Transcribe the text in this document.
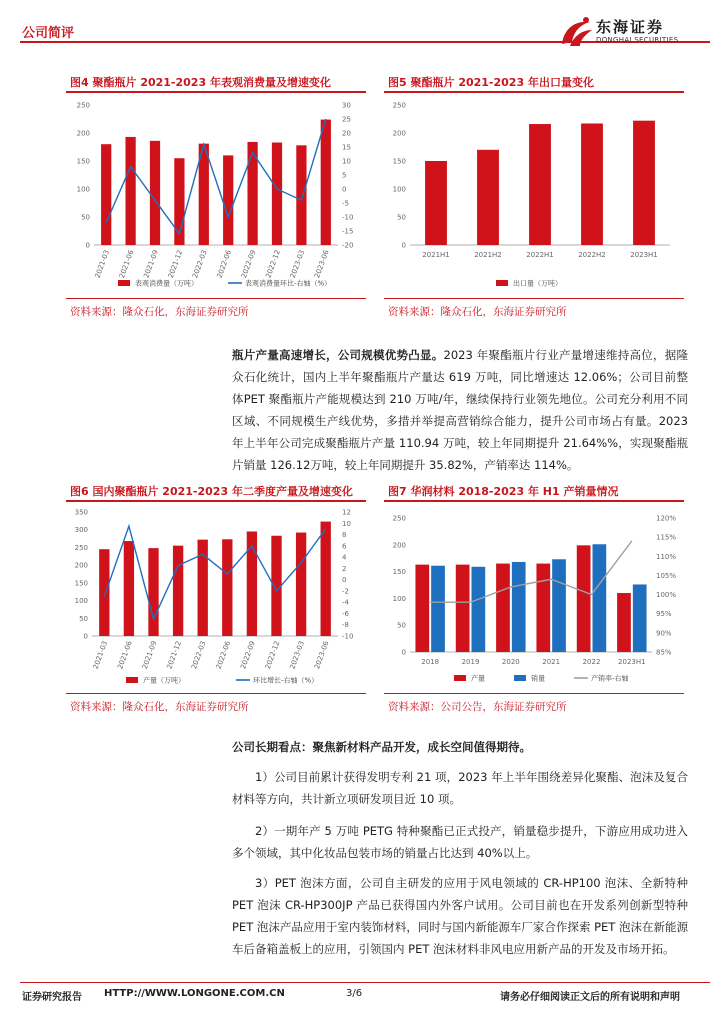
公司简评	东海证券
DONGHAI SECURITIES
图4 聚酯瓶片 2021-2023 年表观消费量及增速变化
0
50
100
150
200
250
-20
-15
-10
-5
0
5
10
15
20
25
30
2021-03 2021-06 2021-09 2021-12 2022-03 2022-06 2022-09 2022-12 2023-03 2023-06
表观消费量（万吨）	表观消费量环比-右轴（%）
资料来源：隆众石化，东海证券研究所
图5 聚酯瓶片 2021-2023 年出口量变化
0
50
100
150
200
250
2021H1	2021H2	2022H1	2022H2	2023H1
出口量（万吨）
资料来源：隆众石化，东海证券研究所
瓶片产量高速增长，公司规模优势凸显。2023 年聚酯瓶片行业产量增速维持高位，据隆众石化统计，国内上半年聚酯瓶片产量达 619 万吨，同比增速达 12.06%；公司目前整体PET 聚酯瓶片产能规模达到 210 万吨/年，继续保持行业领先地位。公司充分利用不同区域、不同规模生产线优势，多措并举提高营销综合能力，提升公司市场占有量。2023 年上半年公司完成聚酯瓶片产量 110.94 万吨，较上年同期提升 21.64%%，实现聚酯瓶片销量 126.12万吨，较上年同期提升 35.82%，产销率达 114%。
图6 国内聚酯瓶片 2021-2023 年二季度产量及增速变化
0
50
100
150
200
250
300
350
-10
-8
-6
-4
-2
0
2
4
6
8
10
12
2021-03 2021-06 2021-09 2021-12 2022-03 2022-06 2022-09 2022-12 2023-03 2023-06
产量（万吨）	环比增长-右轴（%）
资料来源：隆众石化，东海证券研究所
图7 华润材料 2018-2023 年 H1 产销量情况
0
50
100
150
200
250
85%
90%
95%
100%
105%
110%
115%
120%
2018	2019	2020	2021	2022	2023H1
产量	销量	产销率-右轴
资料来源：公司公告，东海证券研究所
公司长期看点：聚焦新材料产品开发，成长空间值得期待。
1）公司目前累计获得发明专利 21 项，2023 年上半年围绕差异化聚酯、泡沫及复合材料等方向，共计新立项研发项目近 10 项。
2）一期年产 5 万吨 PETG 特种聚酯已正式投产，销量稳步提升，下游应用成功进入多个领域，其中化妆品包装市场的销量占比达到 40%以上。
3）PET 泡沫方面，公司自主研发的应用于风电领域的 CR-HP100 泡沫、全新特种PET 泡沫 CR-HP300JP 产品已获得国内外客户试用。公司目前也在开发系列创新型特种PET 泡沫产品应用于室内装饰材料，同时与国内新能源车厂家合作探索 PET 泡沫在新能源车后备箱盖板上的应用，引领国内 PET 泡沫材料非风电应用新产品的开发及市场开拓。
证券研究报告 HTTP://WWW.LONGONE.COM.CN	3/6	请务必仔细阅读正文后的所有说明和声明
